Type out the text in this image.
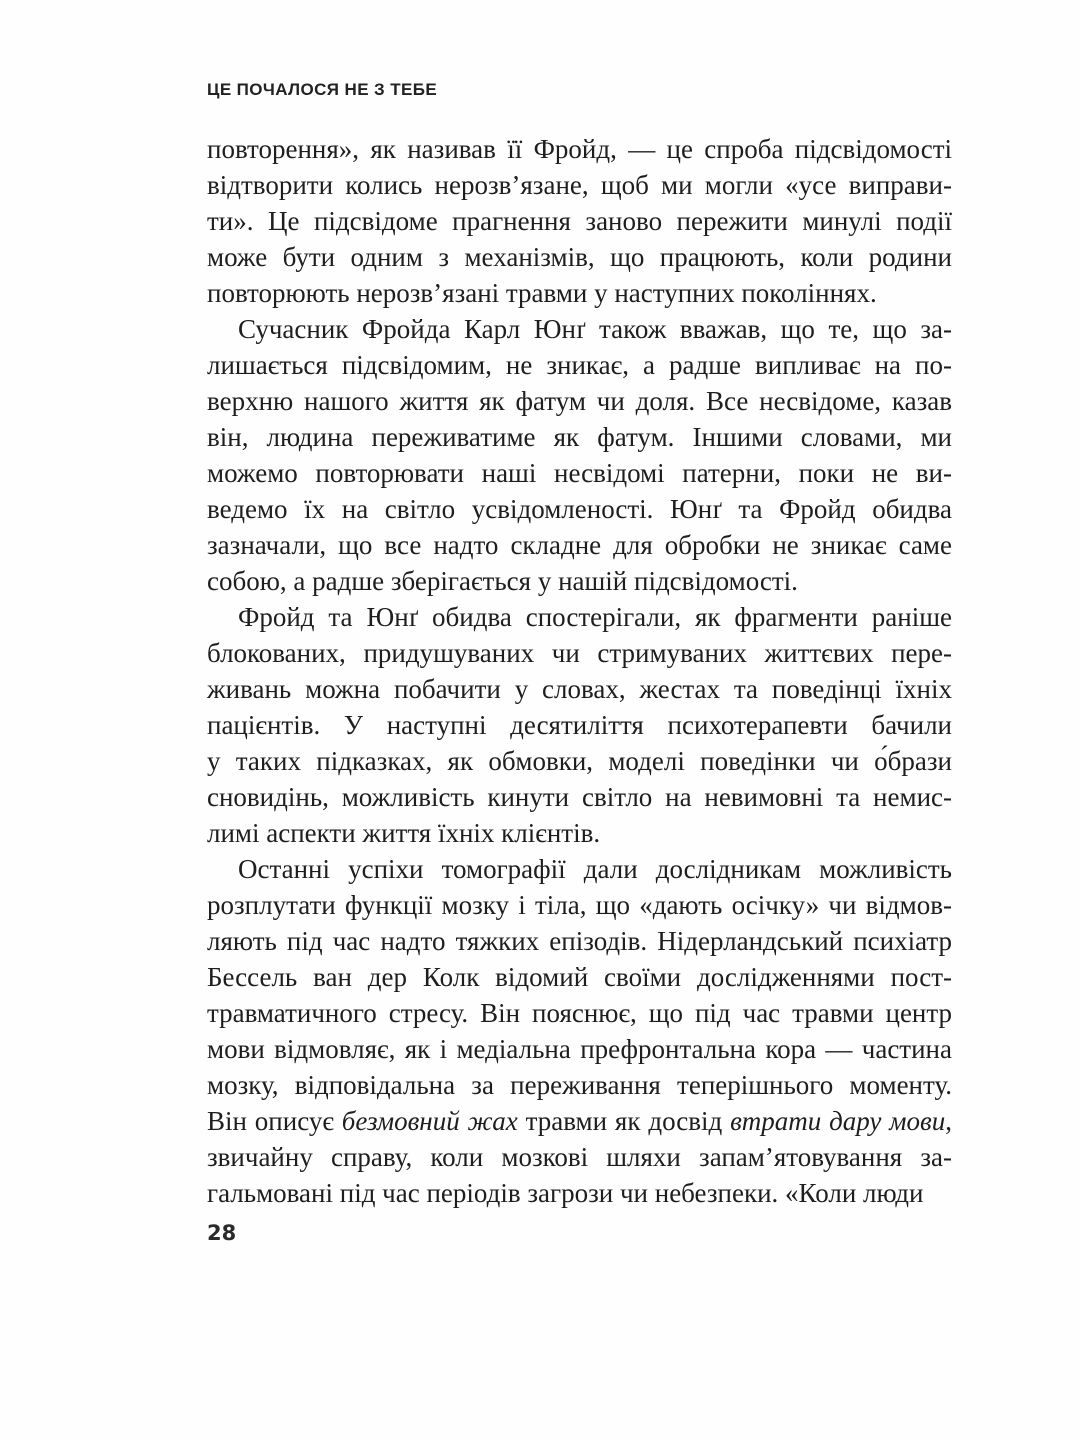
ЦЕ ПОЧАЛОСЯ НЕ З ТЕБЕ

повторення», як називав її Фройд, — це спроба підсвідомості
відтворити колись нерозв’язане, щоб ми могли «усе виправи-
ти». Це підсвідоме прагнення заново пережити минулі події
може бути одним з механізмів, що працюють, коли родини
повторюють нерозв’язані травми у наступних поколіннях.

Сучасник Фройда Карл Юнґ також вважав, що те, що за-
лишається підсвідомим, не зникає, а радше випливає на по-
верхню нашого життя як фатум чи доля. Все несвідоме, казав
він, людина переживатиме як фатум. Іншими словами, ми
можемо повторювати наші несвідомі патерни, поки не ви-
ведемо їх на світло усвідомленості. Юнґ та Фройд обидва
зазначали, що все надто складне для обробки не зникає саме
собою, а радше зберігається у нашій підсвідомості.

Фройд та Юнґ обидва спостерігали, як фрагменти раніше
блокованих, придушуваних чи стримуваних життєвих пере-
живань можна побачити у словах, жестах та поведінці їхніх
пацієнтів. У наступні десятиліття психотерапевти бачили
у таких підказках, як обмовки, моделі поведінки чи о́брази
сновидінь, можливість кинути світло на невимовні та немис-
лимі аспекти життя їхніх клієнтів.

Останні успіхи томографії дали дослідникам можливість
розплутати функції мозку і тіла, що «дають осічку» чи відмов-
ляють під час надто тяжких епізодів. Нідерландський психіатр
Бессель ван дер Колк відомий своїми дослідженнями пост-
травматичного стресу. Він пояснює, що під час травми центр
мови відмовляє, як і медіальна префронтальна кора — частина
мозку, відповідальна за переживання теперішнього моменту.
Він описує безмовний жах травми як досвід втрати дару мови,
звичайну справу, коли мозкові шляхи запам’ятовування за-
гальмовані під час періодів загрози чи небезпеки. «Коли люди

28
